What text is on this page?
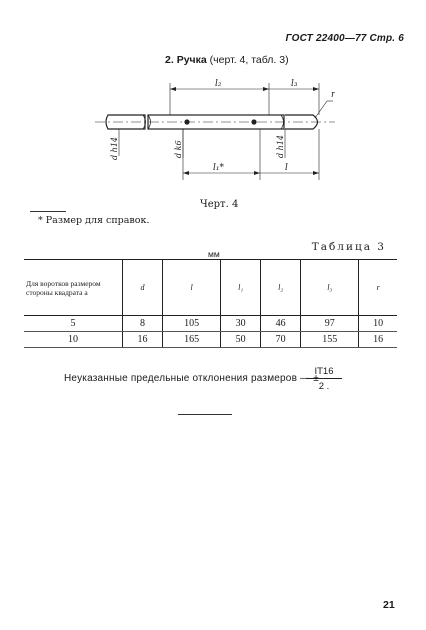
ГОСТ 22400—77 Стр. 6
2. Ручка (черт. 4, табл. 3)
l₂	l₃
r
l₁*	l
d h14	d k6	d h14
Черт. 4
* Размер для справок.
мм
Таблица 3
Для воротков размером стороны квадрата a	d	l	l₁	l₂	l₃	r
5	8	105	30	46	97	10
10	16	165	50	70	155	16
Неуказанные предельные отклонения размеров — ±
$\frac{IT16}{2 .}$
21
